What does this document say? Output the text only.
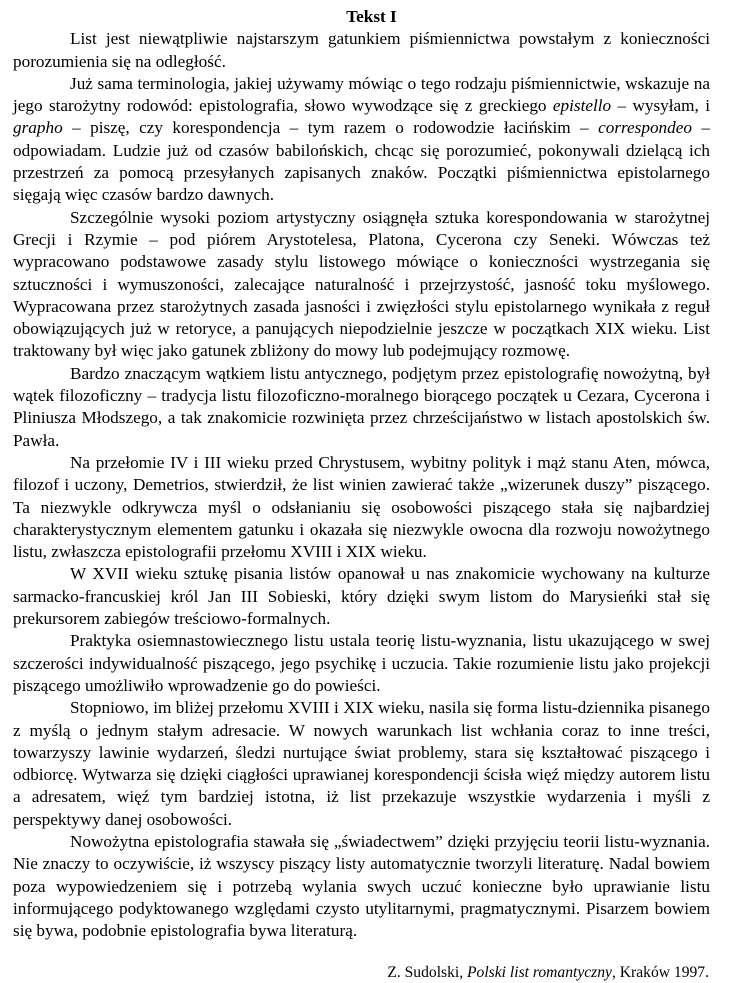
Tekst I

List jest niewątpliwie najstarszym gatunkiem piśmiennictwa powstałym z konieczności porozumienia się na odległość.

Już sama terminologia, jakiej używamy mówiąc o tego rodzaju piśmiennictwie, wskazuje na jego starożytny rodowód: epistolografia, słowo wywodzące się z greckiego epistello – wysyłam, i grapho – piszę, czy korespondencja – tym razem o rodowodzie łacińskim – correspondeo – odpowiadam. Ludzie już od czasów babilońskich, chcąc się porozumieć, pokonywali dzielącą ich przestrzeń za pomocą przesyłanych zapisanych znaków. Początki piśmiennictwa epistolarnego sięgają więc czasów bardzo dawnych.

Szczególnie wysoki poziom artystyczny osiągnęła sztuka korespondowania w starożytnej Grecji i Rzymie – pod piórem Arystotelesa, Platona, Cycerona czy Seneki. Wówczas też wypracowano podstawowe zasady stylu listowego mówiące o konieczności wystrzegania się sztuczności i wymuszoności, zalecające naturalność i przejrzystość, jasność toku myślowego. Wypracowana przez starożytnych zasada jasności i zwięzłości stylu epistolarnego wynikała z reguł obowiązujących już w retoryce, a panujących niepodzielnie jeszcze w początkach XIX wieku. List traktowany był więc jako gatunek zbliżony do mowy lub podejmujący rozmowę.

Bardzo znaczącym wątkiem listu antycznego, podjętym przez epistolografię nowożytną, był wątek filozoficzny – tradycja listu filozoficzno-moralnego biorącego początek u Cezara, Cycerona i Pliniusza Młodszego, a tak znakomicie rozwinięta przez chrześcijaństwo w listach apostolskich św. Pawła.

Na przełomie IV i III wieku przed Chrystusem, wybitny polityk i mąż stanu Aten, mówca, filozof i uczony, Demetrios, stwierdził, że list winien zawierać także „wizerunek duszy” piszącego. Ta niezwykle odkrywcza myśl o odsłanianiu się osobowości piszącego stała się najbardziej charakterystycznym elementem gatunku i okazała się niezwykle owocna dla rozwoju nowożytnego listu, zwłaszcza epistolografii przełomu XVIII i XIX wieku.

W XVII wieku sztukę pisania listów opanował u nas znakomicie wychowany na kulturze sarmacko-francuskiej król Jan III Sobieski, który dzięki swym listom do Marysieńki stał się prekursorem zabiegów treściowo-formalnych.

Praktyka osiemnastowiecznego listu ustala teorię listu-wyznania, listu ukazującego w swej szczerości indywidualność piszącego, jego psychikę i uczucia. Takie rozumienie listu jako projekcji piszącego umożliwiło wprowadzenie go do powieści.

Stopniowo, im bliżej przełomu XVIII i XIX wieku, nasila się forma listu-dziennika pisanego z myślą o jednym stałym adresacie. W nowych warunkach list wchłania coraz to inne treści, towarzyszy lawinie wydarzeń, śledzi nurtujące świat problemy, stara się kształtować piszącego i odbiorcę. Wytwarza się dzięki ciągłości uprawianej korespondencji ścisła więź między autorem listu a adresatem, więź tym bardziej istotna, iż list przekazuje wszystkie wydarzenia i myśli z perspektywy danej osobowości.

Nowożytna epistolografia stawała się „świadectwem” dzięki przyjęciu teorii listu-wyznania. Nie znaczy to oczywiście, iż wszyscy piszący listy automatycznie tworzyli literaturę. Nadal bowiem poza wypowiedzeniem się i potrzebą wylania swych uczuć konieczne było uprawianie listu informującego podyktowanego względami czysto utylitarnymi, pragmatycznymi. Pisarzem bowiem się bywa, podobnie epistolografia bywa literaturą.

Z. Sudolski, Polski list romantyczny, Kraków 1997.
